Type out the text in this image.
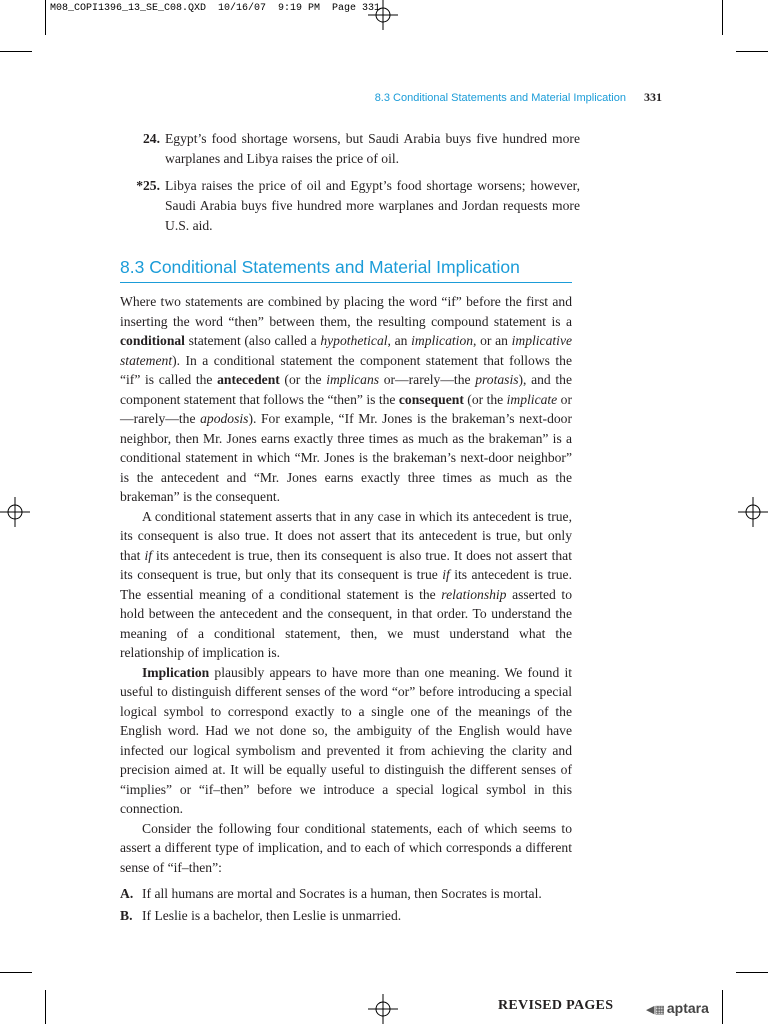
M08_COPI1396_13_SE_C08.QXD  10/16/07  9:19 PM  Page 331
8.3 Conditional Statements and Material Implication 331
24. Egypt’s food shortage worsens, but Saudi Arabia buys five hundred more warplanes and Libya raises the price of oil.
*25. Libya raises the price of oil and Egypt’s food shortage worsens; however, Saudi Arabia buys five hundred more warplanes and Jordan requests more U.S. aid.
8.3 Conditional Statements and Material Implication

Where two statements are combined by placing the word “if” before the first and inserting the word “then” between them, the resulting compound statement is a conditional statement (also called a hypothetical, an implication, or an implicative statement). In a conditional statement the component statement that follows the “if” is called the antecedent (or the implicans or—rarely—the protasis), and the component statement that follows the “then” is the consequent (or the implicate or—rarely—the apodosis). For example, “If Mr. Jones is the brakeman’s next-door neighbor, then Mr. Jones earns exactly three times as much as the brakeman” is a conditional statement in which “Mr. Jones is the brakeman’s next-door neighbor” is the antecedent and “Mr. Jones earns exactly three times as much as the brakeman” is the consequent.

A conditional statement asserts that in any case in which its antecedent is true, its consequent is also true. It does not assert that its antecedent is true, but only that if its antecedent is true, then its consequent is also true. It does not assert that its consequent is true, but only that its consequent is true if its antecedent is true. The essential meaning of a conditional statement is the relationship asserted to hold between the antecedent and the consequent, in that order. To understand the meaning of a conditional statement, then, we must understand what the relationship of implication is.

Implication plausibly appears to have more than one meaning. We found it useful to distinguish different senses of the word “or” before introducing a special logical symbol to correspond exactly to a single one of the meanings of the English word. Had we not done so, the ambiguity of the English would have infected our logical symbolism and prevented it from achieving the clarity and precision aimed at. It will be equally useful to distinguish the different senses of “implies” or “if–then” before we introduce a special logical symbol in this connection.

Consider the following four conditional statements, each of which seems to assert a different type of implication, and to each of which corresponds a different sense of “if–then”:

A. If all humans are mortal and Socrates is a human, then Socrates is mortal.
B. If Leslie is a bachelor, then Leslie is unmarried.
REVISED PAGES	◀▦ aptara
